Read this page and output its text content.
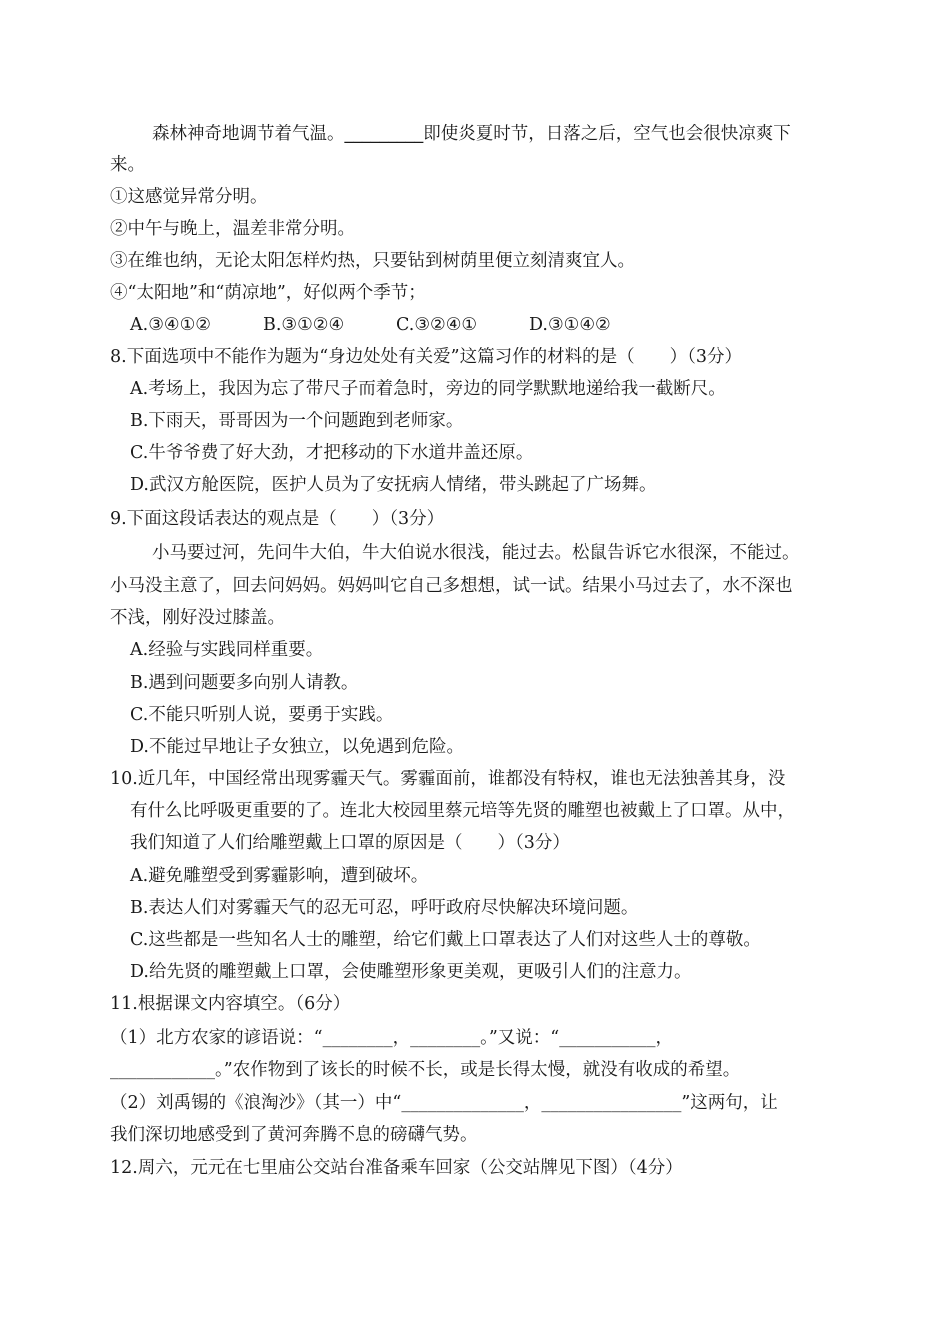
森林神奇地调节着气温。_________即使炎夏时节，日落之后，空气也会很快凉爽下
来。
①这感觉异常分明。
②中午与晚上，温差非常分明。
③在维也纳，无论太阳怎样灼热，只要钻到树荫里便立刻清爽宜人。
④“太阳地”和“荫凉地”，好似两个季节；
A.③④①②	B.③①②④	C.③②④①	D.③①④②
8.下面选项中不能作为题为“身边处处有关爱”这篇习作的材料的是（　　）（3分）
A.考场上，我因为忘了带尺子而着急时，旁边的同学默默地递给我一截断尺。
B.下雨天，哥哥因为一个问题跑到老师家。
C.牛爷爷费了好大劲，才把移动的下水道井盖还原。
D.武汉方舱医院，医护人员为了安抚病人情绪，带头跳起了广场舞。
9.下面这段话表达的观点是（　　）（3分）
小马要过河，先问牛大伯，牛大伯说水很浅，能过去。松鼠告诉它水很深，不能过。
小马没主意了，回去问妈妈。妈妈叫它自己多想想，试一试。结果小马过去了，水不深也
不浅，刚好没过膝盖。
A.经验与实践同样重要。
B.遇到问题要多向别人请教。
C.不能只听别人说，要勇于实践。
D.不能过早地让子女独立，以免遇到危险。
10.近几年，中国经常出现雾霾天气。雾霾面前，谁都没有特权，谁也无法独善其身，没
有什么比呼吸更重要的了。连北大校园里蔡元培等先贤的雕塑也被戴上了口罩。从中，
我们知道了人们给雕塑戴上口罩的原因是（　　）（3分）
A.避免雕塑受到雾霾影响，遭到破坏。
B.表达人们对雾霾天气的忍无可忍，呼吁政府尽快解决环境问题。
C.这些都是一些知名人士的雕塑，给它们戴上口罩表达了人们对这些人士的尊敬。
D.给先贤的雕塑戴上口罩，会使雕塑形象更美观，更吸引人们的注意力。
11.根据课文内容填空。（6分）
（1）北方农家的谚语说：“________，________。”又说：“___________，
____________。”农作物到了该长的时候不长，或是长得太慢，就没有收成的希望。
（2）刘禹锡的《浪淘沙》（其一）中“______________，________________”这两句，让
我们深切地感受到了黄河奔腾不息的磅礴气势。
12.周六，元元在七里庙公交站台准备乘车回家（公交站牌见下图）（4分）
